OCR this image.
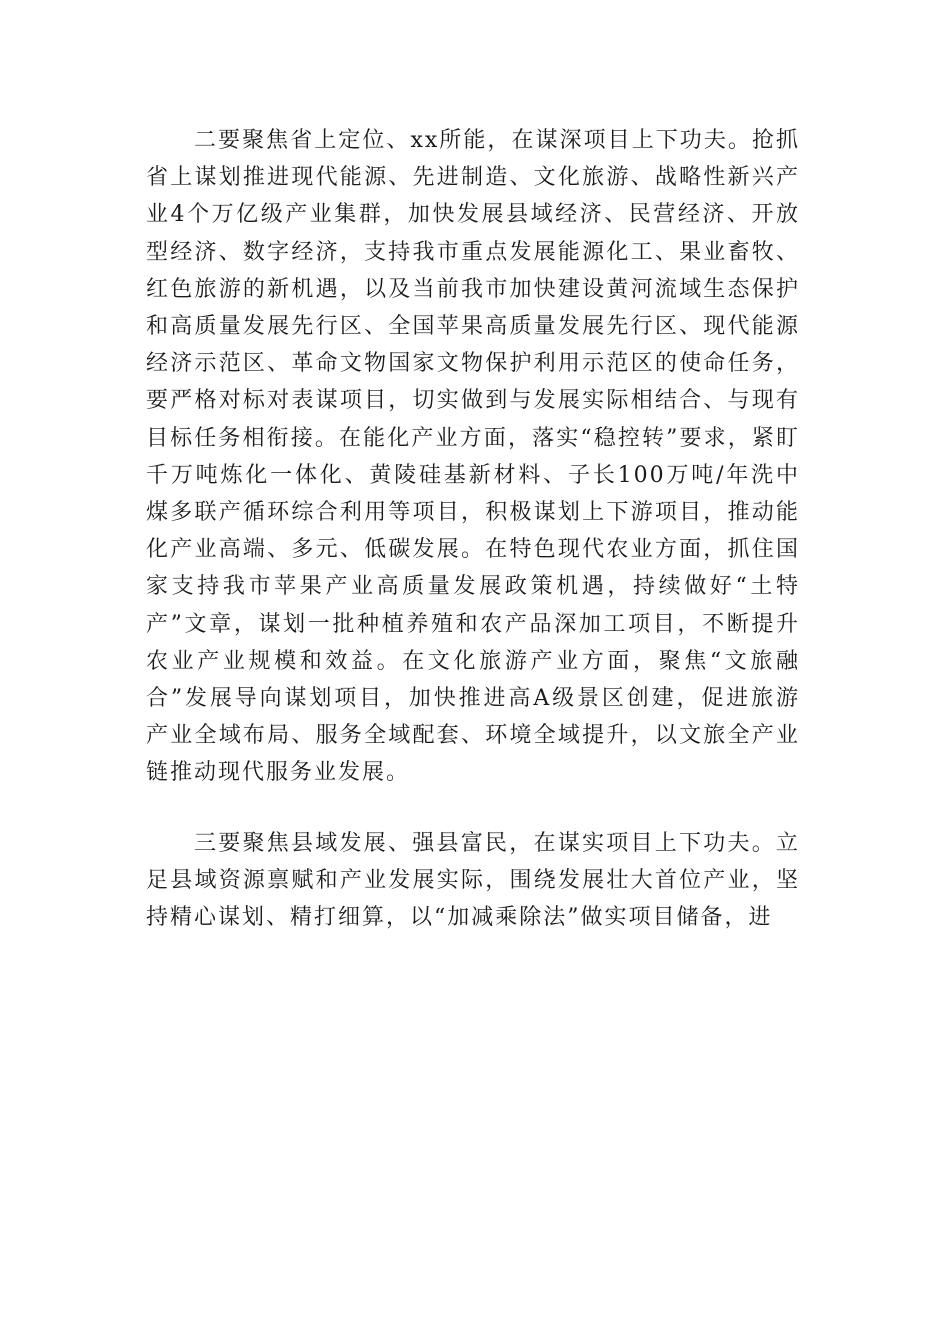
二要聚焦省上定位、xx所能，在谋深项目上下功夫。抢抓省上谋划推进现代能源、先进制造、文化旅游、战略性新兴产业4个万亿级产业集群，加快发展县域经济、民营经济、开放型经济、数字经济，支持我市重点发展能源化工、果业畜牧、红色旅游的新机遇，以及当前我市加快建设黄河流域生态保护和高质量发展先行区、全国苹果高质量发展先行区、现代能源经济示范区、革命文物国家文物保护利用示范区的使命任务，要严格对标对表谋项目，切实做到与发展实际相结合、与现有目标任务相衔接。在能化产业方面，落实“稳控转”要求，紧盯千万吨炼化一体化、黄陵硅基新材料、子长100万吨/年洗中煤多联产循环综合利用等项目，积极谋划上下游项目，推动能化产业高端、多元、低碳发展。在特色现代农业方面，抓住国家支持我市苹果产业高质量发展政策机遇，持续做好“土特产”文章，谋划一批种植养殖和农产品深加工项目，不断提升农业产业规模和效益。在文化旅游产业方面，聚焦“文旅融合”发展导向谋划项目，加快推进高A级景区创建，促进旅游产业全域布局、服务全域配套、环境全域提升，以文旅全产业链推动现代服务业发展。

三要聚焦县域发展、强县富民，在谋实项目上下功夫。立足县域资源禀赋和产业发展实际，围绕发展壮大首位产业，坚持精心谋划、精打细算，以“加减乘除法”做实项目储备，进
